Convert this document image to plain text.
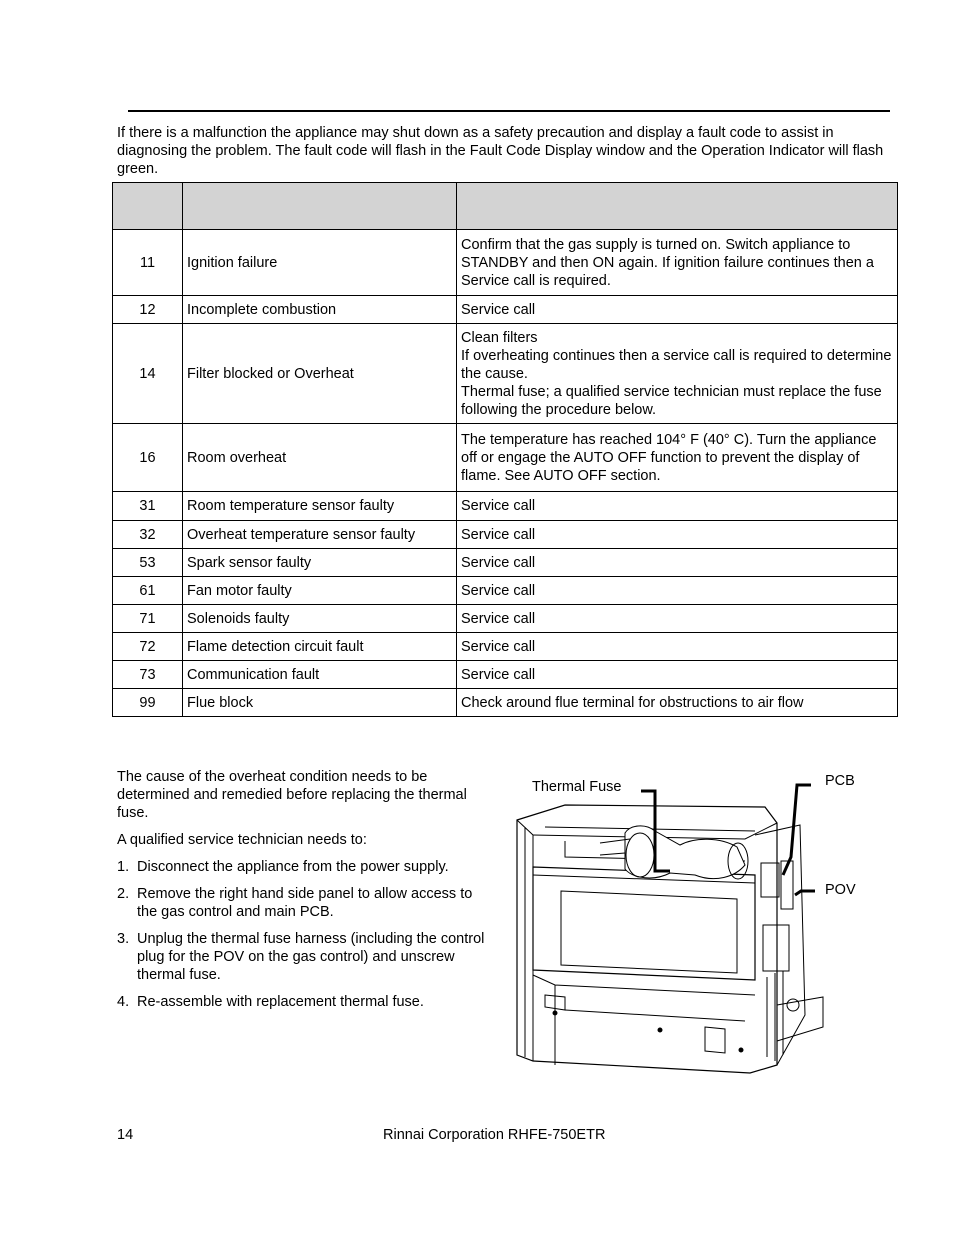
If there is a malfunction the appliance may shut down as a safety precaution and display a fault code to assist in diagnosing the problem. The fault code will flash in the Fault Code Display window and the Operation Indicator will flash green.

11	Ignition failure	Confirm that the gas supply is turned on. Switch appliance to STANDBY and then ON again. If ignition failure continues then a Service call is required.
12	Incomplete combustion	Service call
14	Filter blocked or Overheat	Clean filters
If overheating continues then a service call is required to determine the cause.
Thermal fuse; a qualified service technician must replace the fuse following the procedure below.

16	Room overheat	The temperature has reached 104° F (40° C). Turn the appliance off or engage the AUTO OFF function to prevent the display of flame. See AUTO OFF section.
31	Room temperature sensor faulty	Service call
32	Overheat temperature sensor faulty	Service call
53	Spark sensor faulty	Service call
61	Fan motor faulty	Service call
71	Solenoids faulty	Service call
72	Flame detection circuit fault	Service call
73	Communication fault	Service call
99	Flue block	Check around flue terminal for obstructions to air flow

The cause of the overheat condition needs to be determined and remedied before replacing the thermal fuse.

A qualified service technician needs to:

1. Disconnect the appliance from the power supply.
2. Remove the right hand side panel to allow access to the gas control and main PCB.
3. Unplug the thermal fuse harness (including the control plug for the POV on the gas control) and unscrew thermal fuse.
4. Re-assemble with replacement thermal fuse.
Thermal Fuse	PCB
POV
14	Rinnai Corporation RHFE-750ETR
